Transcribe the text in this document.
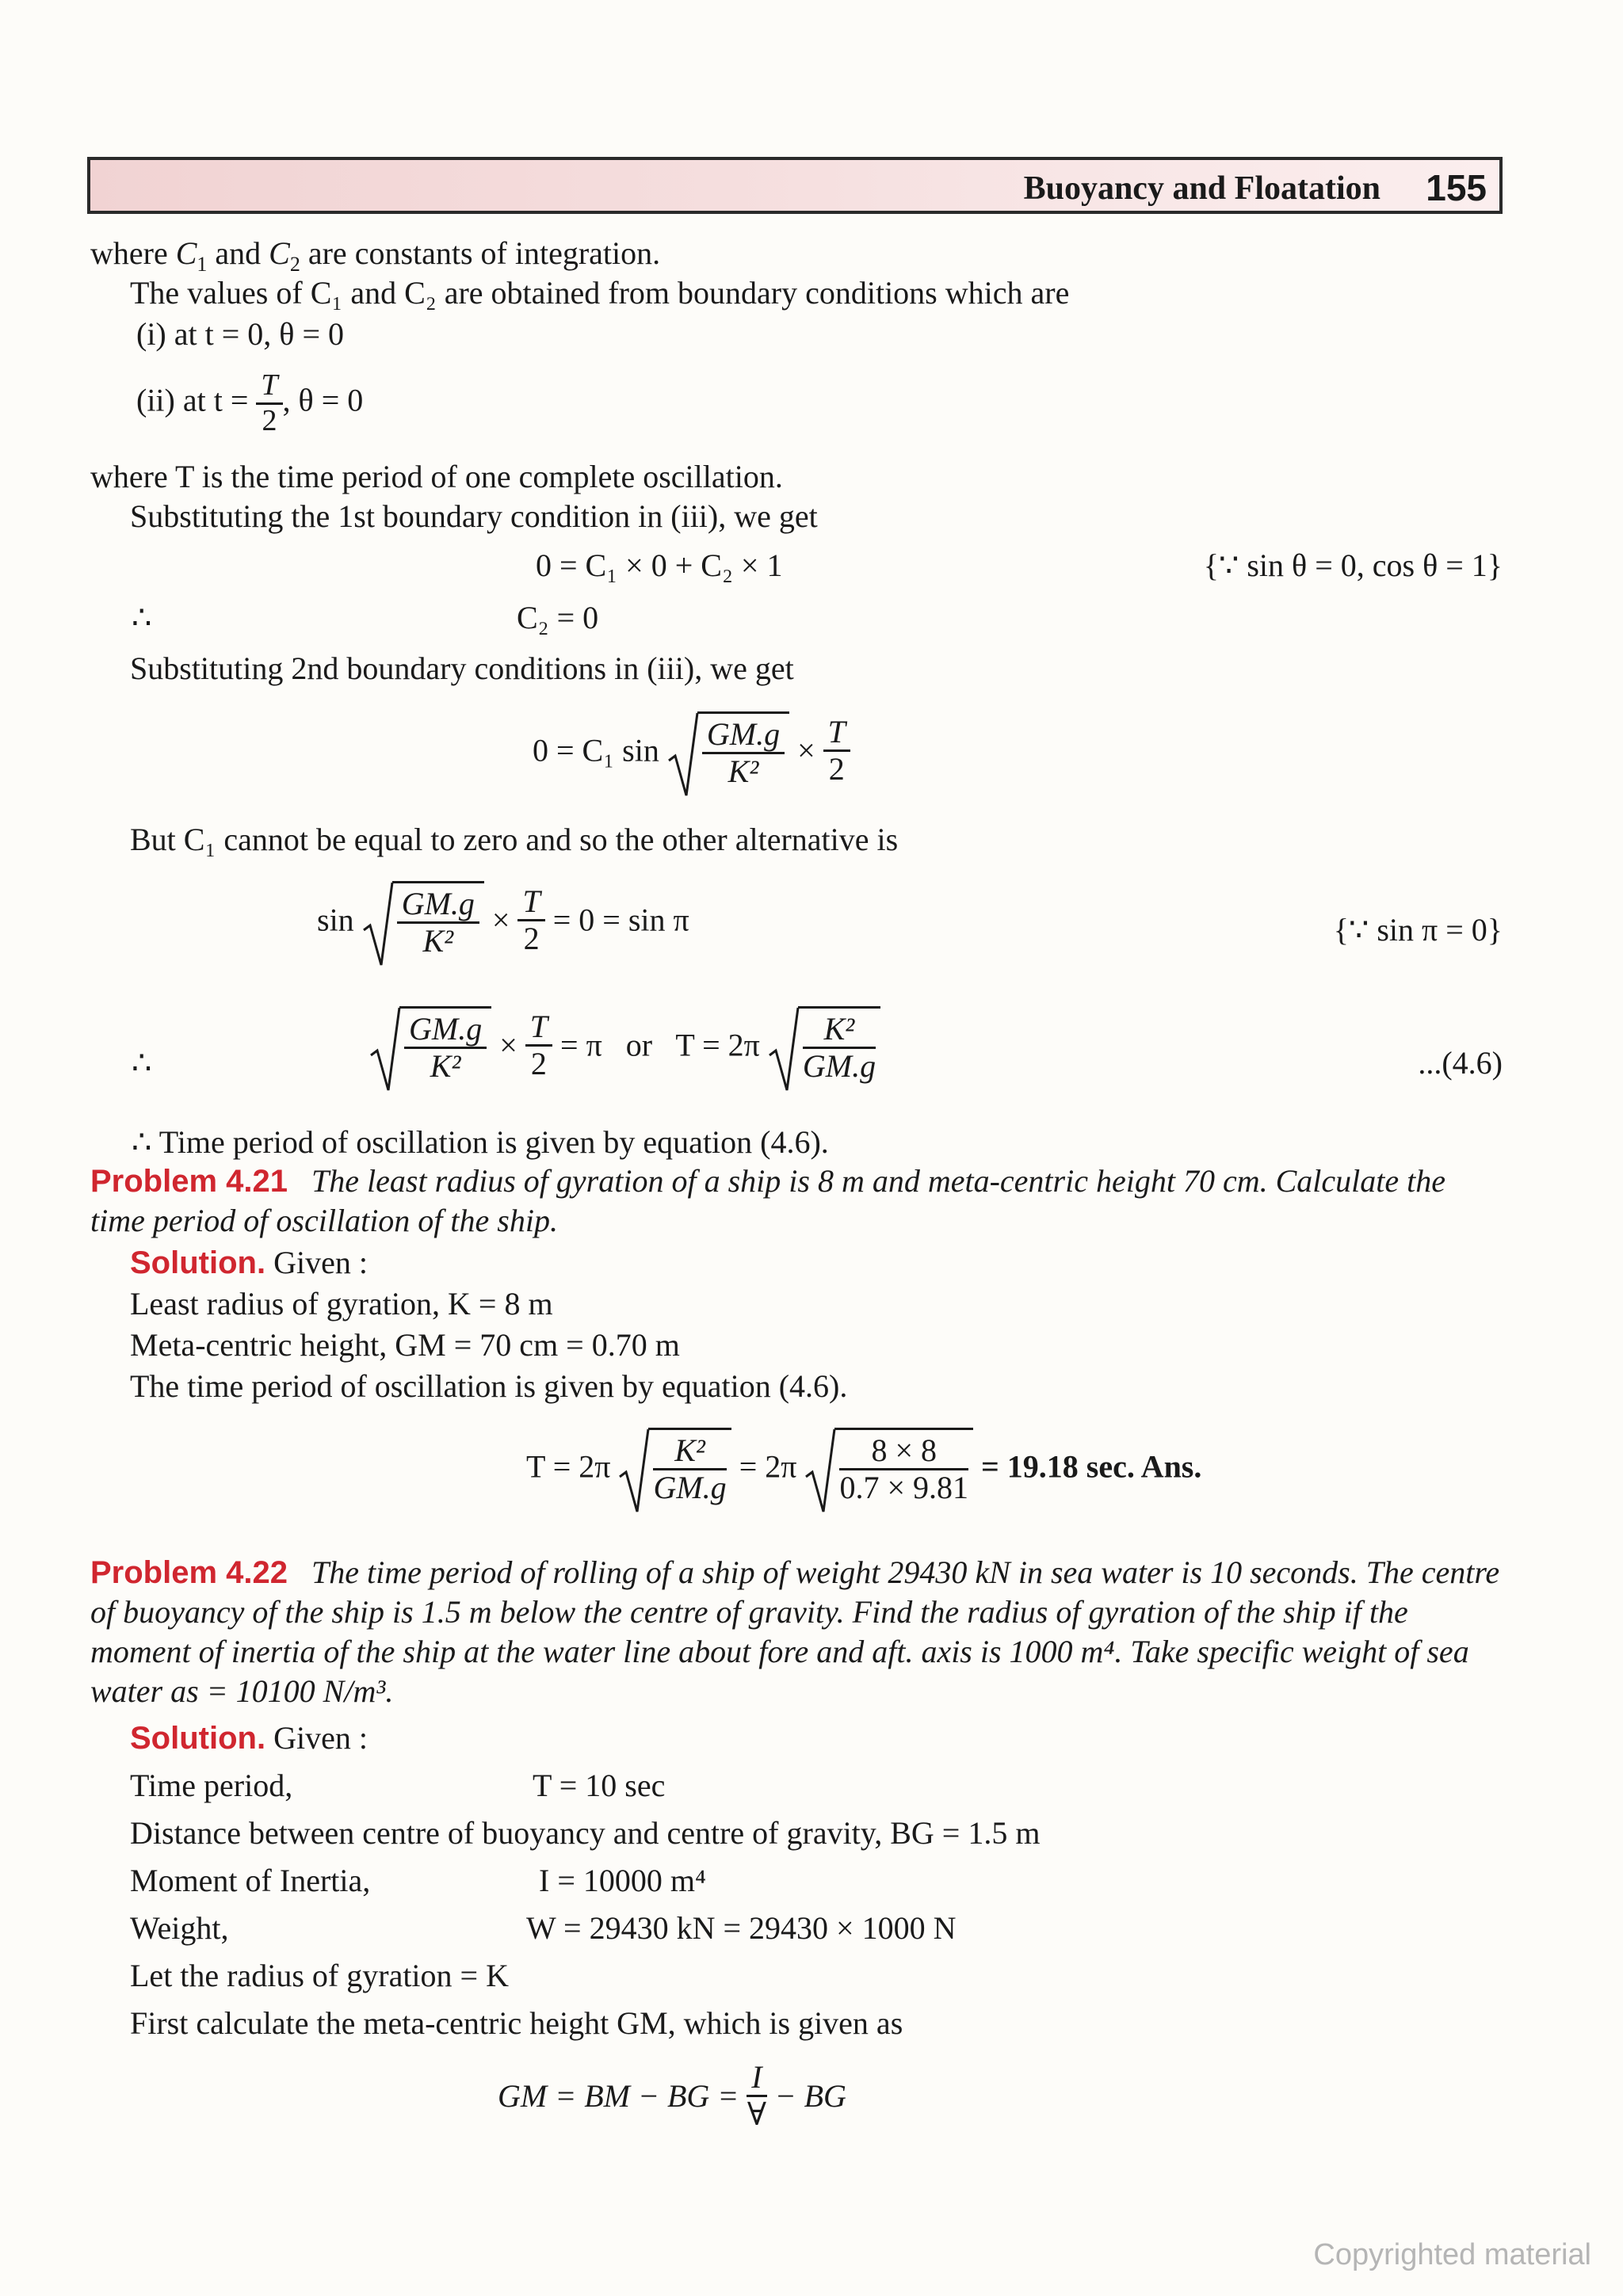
Buoyancy and Floatation 155
where $C_1$ and $C_2$ are constants of integration.
The values of C₁ and C₂ are obtained from boundary conditions which are
(i) at t = 0, θ = 0
(ii) at $t = \frac{T}{2}$ , θ = 0
where T is the time period of one complete oscillation.
Substituting the 1st boundary condition in (iii), we get
0 = C₁ × 0 + C₂ × 1	{∵ sin θ = 0, cos θ = 1}
∴	C₂ = 0
Substituting 2nd boundary conditions in (iii), we get
0 = C₁ $\sin \frac{GM.g}{\text{K²}} \times \frac{T}{2}$
But C₁ cannot be equal to zero and so the other alternative is
$\sin \frac{GM.g}{\text{K²}} \times \frac{T}{2} = 0 = \sin \pi$	{∵ sin π = 0}
∴	$\frac{GM.g}{\text{K²}} \times \frac{T}{2} = \pi$   or   $T = 2\pi \frac{\text{K²}}{GM.g}$	...(4.6)
∴ Time period of oscillation is given by equation (4.6).
Problem 4.21 The least radius of gyration of a ship is 8 m and meta-centric height 70 cm. Calculate the time period of oscillation of the ship.
Solution. Given :
Least radius of gyration, K = 8 m
Meta-centric height, GM = 70 cm = 0.70 m
The time period of oscillation is given by equation (4.6).
$T = 2\pi \frac{\text{K²}}{GM.g} = 2\pi \frac{8 \times 8}{0.7 \times 9.81} = 19.18$ sec. Ans.
Problem 4.22 The time period of rolling of a ship of weight 29430 kN in sea water is 10 seconds. The centre of buoyancy of the ship is 1.5 m below the centre of gravity. Find the radius of gyration of the ship if the moment of inertia of the ship at the water line about fore and aft. axis is 1000 m⁴. Take specific weight of sea water as = 10100 N/m³.
Solution. Given :
Time period,	T = 10 sec
Distance between centre of buoyancy and centre of gravity, BG = 1.5 m
Moment of Inertia,	I = 10000 m⁴
Weight,	W = 29430 kN = 29430 × 1000 N
Let the radius of gyration = K
First calculate the meta-centric height GM, which is given as
GM = BM − BG = $\frac{I}{\forall}$ − BG
Copyrighted material
